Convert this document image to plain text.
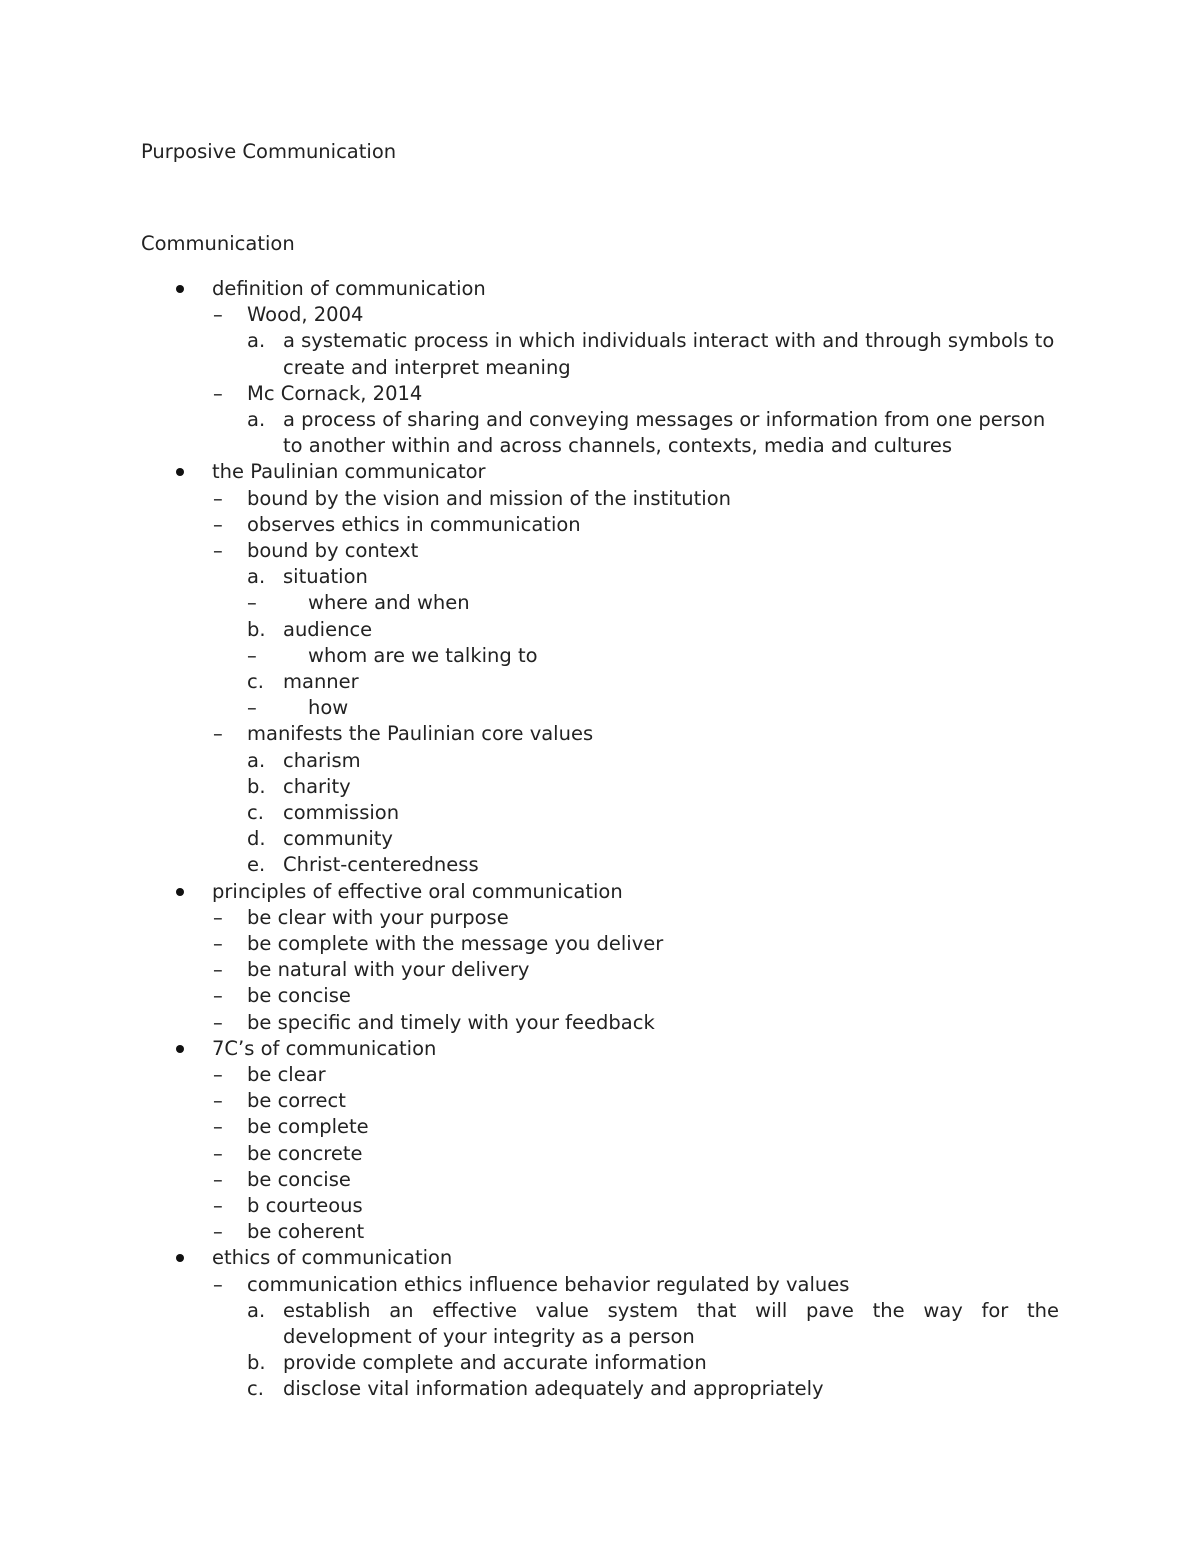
Purposive Communication
Communication
definition of communication
– Wood, 2004
a. a systematic process in which individuals interact with and through symbols to
create and interpret meaning
– Mc Cornack, 2014
a. a process of sharing and conveying messages or information from one person
to another within and across channels, contexts, media and cultures
the Paulinian communicator
– bound by the vision and mission of the institution
– observes ethics in communication
– bound by context
a. situation
–	where and when
b. audience
–	whom are we talking to
c. manner
–	how
– manifests the Paulinian core values
a. charism
b. charity
c. commission
d. community
e. Christ-centeredness
principles of effective oral communication
– be clear with your purpose
– be complete with the message you deliver
– be natural with your delivery
– be concise
– be specific and timely with your feedback
7C’s of communication
– be clear
– be correct
– be complete
– be concrete
– be concise
– b courteous
– be coherent
ethics of communication
– communication ethics influence behavior regulated by values
a. establish an effective value system that will pave the way for the
development of your integrity as a person
b. provide complete and accurate information
c. disclose vital information adequately and appropriately
